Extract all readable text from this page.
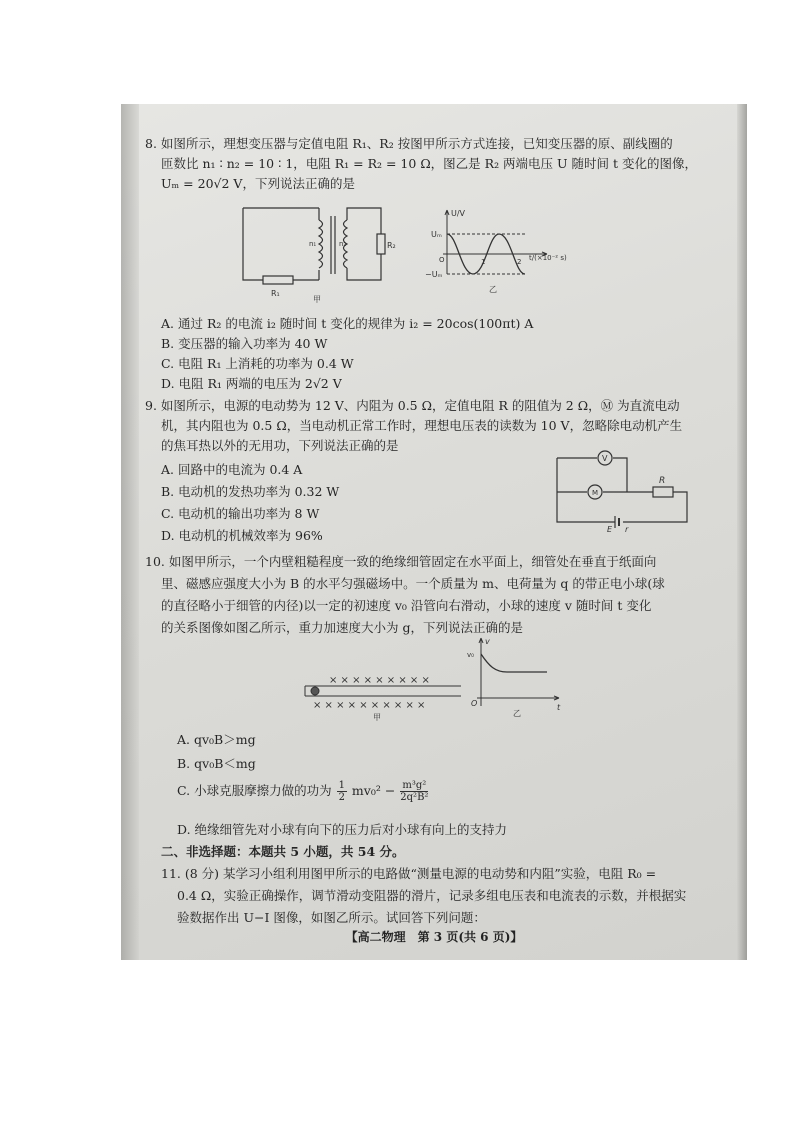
8. 如图所示，理想变压器与定值电阻 R₁、R₂ 按图甲所示方式连接，已知变压器的原、副线圈的
匝数比 n₁ ∶ n₂ = 10 ∶ 1，电阻 R₁ = R₂ = 10 Ω，图乙是 R₂ 两端电压 U 随时间 t 变化的图像，
Uₘ = 20√2 V，下列说法正确的是
n₁	n₂
R₁
R₂
甲
U/V
Uₘ
−Uₘ
O	1	2 t/(×10⁻² s)
乙
A. 通过 R₂ 的电流 i₂ 随时间 t 变化的规律为 i₂ = 20cos(100πt) A
B. 变压器的输入功率为 40 W
C. 电阻 R₁ 上消耗的功率为 0.4 W
D. 电阻 R₁ 两端的电压为 2√2 V
9. 如图所示，电源的电动势为 12 V、内阻为 0.5 Ω，定值电阻 R 的阻值为 2 Ω，Ⓜ 为直流电动
机，其内阻也为 0.5 Ω，当电动机正常工作时，理想电压表的读数为 10 V，忽略除电动机产生
的焦耳热以外的无用功，下列说法正确的是
A. 回路中的电流为 0.4 A
B. 电动机的发热功率为 0.32 W
C. 电动机的输出功率为 8 W
D. 电动机的机械效率为 96%
V
M
R
E r
10. 如图甲所示，一个内壁粗糙程度一致的绝缘细管固定在水平面上，细管处在垂直于纸面向
里、磁感应强度大小为 B 的水平匀强磁场中。一个质量为 m、电荷量为 q 的带正电小球(球
的直径略小于细管的内径)以一定的初速度 v₀ 沿管向右滑动，小球的速度 v 随时间 t 变化
的关系图像如图乙所示，重力加速度大小为 g，下列说法正确的是
× × × × × × × × ×
× × × × × × × × × ×
甲
v
v₀
O	t
乙
A. qv₀B＞mg
B. qv₀B＜mg
C. 小球克服摩擦力做的功为 $\frac{1}{2} mv_0^2 - \frac{\text{m³g²}}{\text{2q²B²}}$
D. 绝缘细管先对小球有向下的压力后对小球有向上的支持力
二、非选择题：本题共 5 小题，共 54 分。
11. (8 分) 某学习小组利用图甲所示的电路做“测量电源的电动势和内阻”实验，电阻 R₀ =
0.4 Ω，实验正确操作，调节滑动变阻器的滑片，记录多组电压表和电流表的示数，并根据实
验数据作出 U−I 图像，如图乙所示。试回答下列问题：
【高二物理　第 3 页(共 6 页)】
